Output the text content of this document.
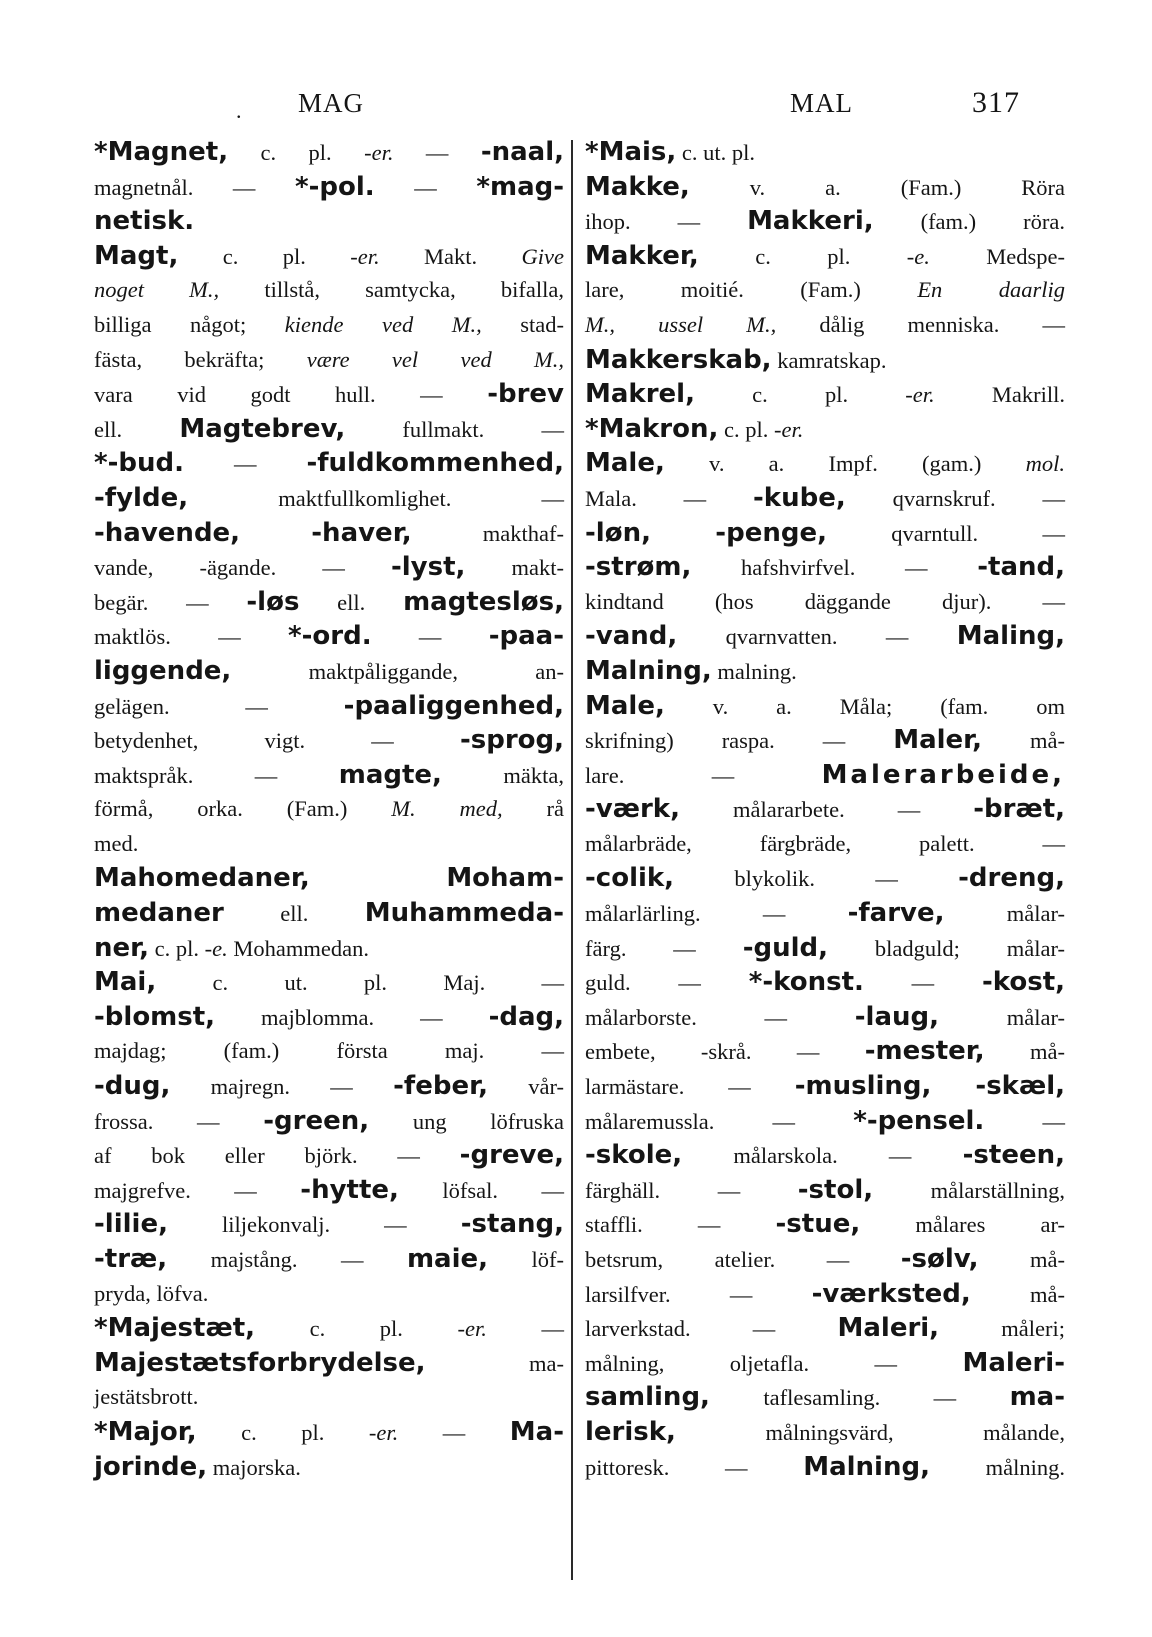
. MAG	MAL	317
*Magnet, c. pl. -er. — -naal,
magnetnål. — *-pol. — *mag-
netisk.
Magt, c. pl. -er. Makt. Give
noget M., tillstå, samtycka, bifalla,
billiga något; kiende ved M., stad-
fästa, bekräfta; være vel ved M.,
vara vid godt hull. — -brev
ell. Magtebrev, fullmakt. —
*-bud. — -fuldkommenhed,
-fylde, maktfullkomlighet. —
-havende,	-haver, makthaf-
vande, -ägande. — -lyst, makt-
begär. — -løs ell. magtesløs,
maktlös. — *-ord. — -paa-
liggende, maktpåliggande, an-
gelägen. — -paaliggenhed,
betydenhet, vigt. — -sprog,
maktspråk. — magte, mäkta,
förmå, orka. (Fam.) M. med, rå
med.
Mahomedaner,	Moham-
medaner ell. Muhammeda-
ner, c. pl. -e. Mohammedan.
Mai, c. ut. pl. Maj. —
-blomst, majblomma. — -dag,
majdag; (fam.) första maj. —
-dug, majregn. — -feber, vår-
frossa. — -green, ung löfruska
af bok eller björk. — -greve,
majgrefve. — -hytte, löfsal. —
-lilie, liljekonvalj. — -stang,
-træ, majstång. — maie, löf-
pryda, löfva.
*Majestæt, c. pl. -er. —
Majestætsforbrydelse, ma-
jestätsbrott.
*Major, c. pl. -er. — Ma-
jorinde, majorska.
*Mais, c. ut. pl.
Makke, v. a. (Fam.) Röra
ihop. — Makkeri, (fam.) röra.
Makker, c. pl. -e. Medspe-
lare, moitié. (Fam.) En daarlig
M., ussel M., dålig menniska. —
Makkerskab, kamratskap.
Makrel, c. pl. -er. Makrill.
*Makron, c. pl. -er.
Male, v. a. Impf. (gam.) mol.
Mala. — -kube, qvarnskruf. —
-løn, -penge, qvarntull. —
-strøm, hafshvirfvel. — -tand,
kindtand (hos däggande djur). —
-vand, qvarnvatten. — Maling,
Malning, malning.
Male, v. a. Måla; (fam. om
skrifning) raspa. — Maler, må-
lare. — Malerarbeide,
-værk, målararbete. — -bræt,
målarbräde, färgbräde, palett. —
-colik, blykolik. — -dreng,
målarlärling. — -farve, målar-
färg. — -guld, bladguld; målar-
guld. — *-konst. — -kost,
målarborste. — -laug, målar-
embete, -skrå. — -mester, må-
larmästare. — -musling, -skæl,
målaremussla. — *-pensel. —
-skole, målarskola. — -steen,
färghäll. — -stol, målarställning,
staffli. — -stue, målares ar-
betsrum, atelier. — -sølv, må-
larsilfver. — -værksted, må-
larverkstad. — Maleri, måleri;
målning, oljetafla. — Maleri-
samling, taflesamling. — ma-
lerisk, målningsvärd, målande,
pittoresk. — Malning, målning.
